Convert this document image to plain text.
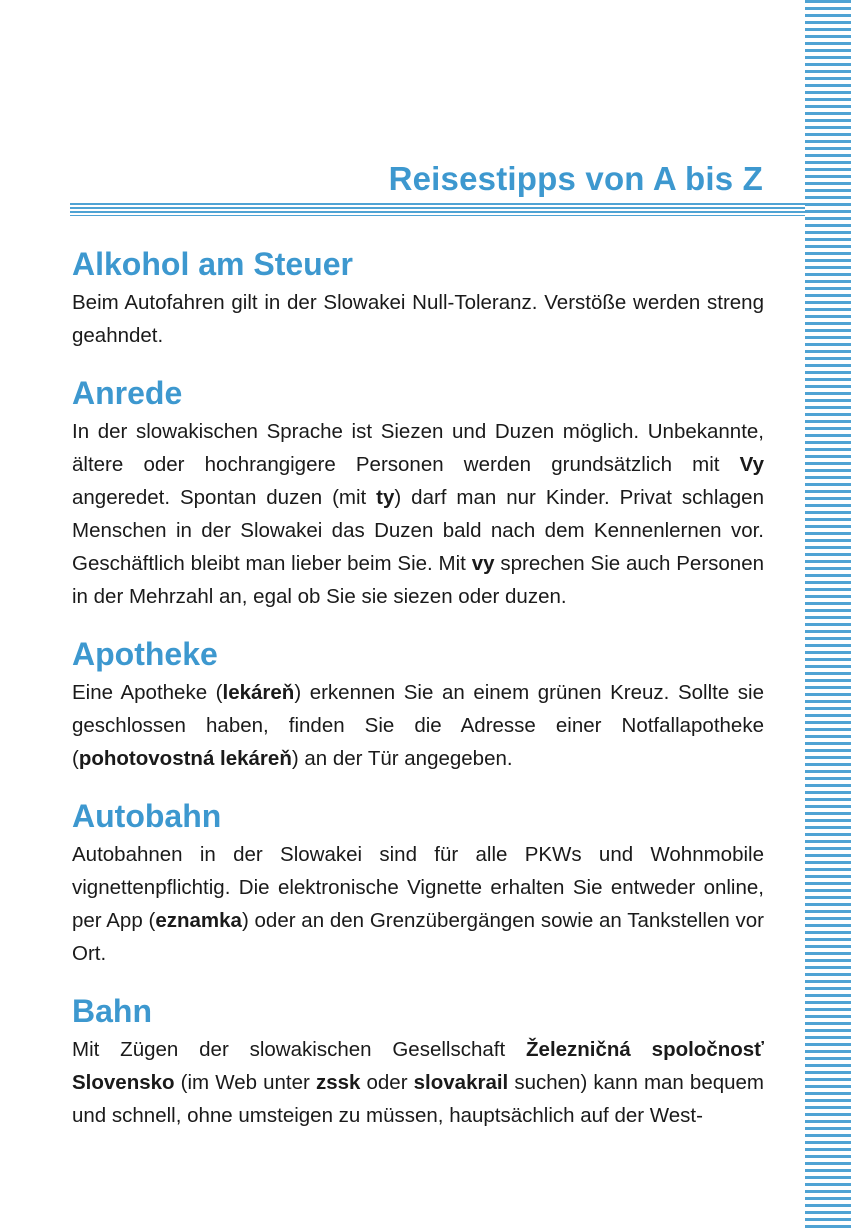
Reisestipps von A bis Z
Alkohol am Steuer

Beim Autofahren gilt in der Slowakei Null-Toleranz. Verstöße werden streng geahndet.

Anrede

In der slowakischen Sprache ist Siezen und Duzen möglich. Unbekannte, ältere oder hochrangigere Personen werden grundsätzlich mit Vy angeredet. Spontan duzen (mit ty) darf man nur Kinder. Privat schlagen Menschen in der Slowakei das Duzen bald nach dem Kennenlernen vor. Geschäftlich bleibt man lieber beim Sie. Mit vy sprechen Sie auch Personen in der Mehrzahl an, egal ob Sie sie siezen oder duzen.

Apotheke

Eine Apotheke (lekáreň) erkennen Sie an einem grünen Kreuz. Sollte sie geschlossen haben, finden Sie die Adresse einer Notfallapotheke (pohotovostná lekáreň) an der Tür angegeben.

Autobahn

Autobahnen in der Slowakei sind für alle PKWs und Wohnmobile vignettenpflichtig. Die elektronische Vignette erhalten Sie entweder online, per App (eznamka) oder an den Grenzübergängen sowie an Tankstellen vor Ort.

Bahn

Mit Zügen der slowakischen Gesellschaft Železničná spoločnosť Slovensko (im Web unter zssk oder slovakrail suchen) kann man bequem und schnell, ohne umsteigen zu müssen, hauptsächlich auf der West-
